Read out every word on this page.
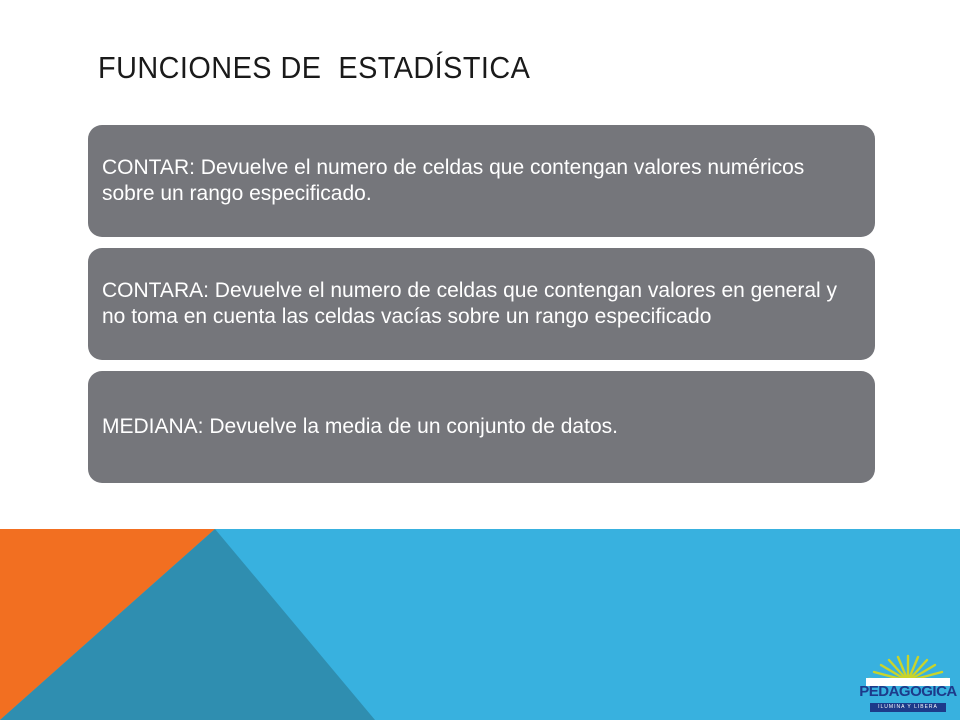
FUNCIONES DE  ESTADÍSTICA
CONTAR: Devuelve el numero de celdas que contengan valores numéricos sobre un rango especificado.
CONTARA: Devuelve el numero de celdas que contengan valores en general y no toma en cuenta las celdas vacías sobre un rango especificado
MEDIANA: Devuelve la media de un conjunto de datos.
PEDAGOGICA
ILUMINA Y LIBERA
